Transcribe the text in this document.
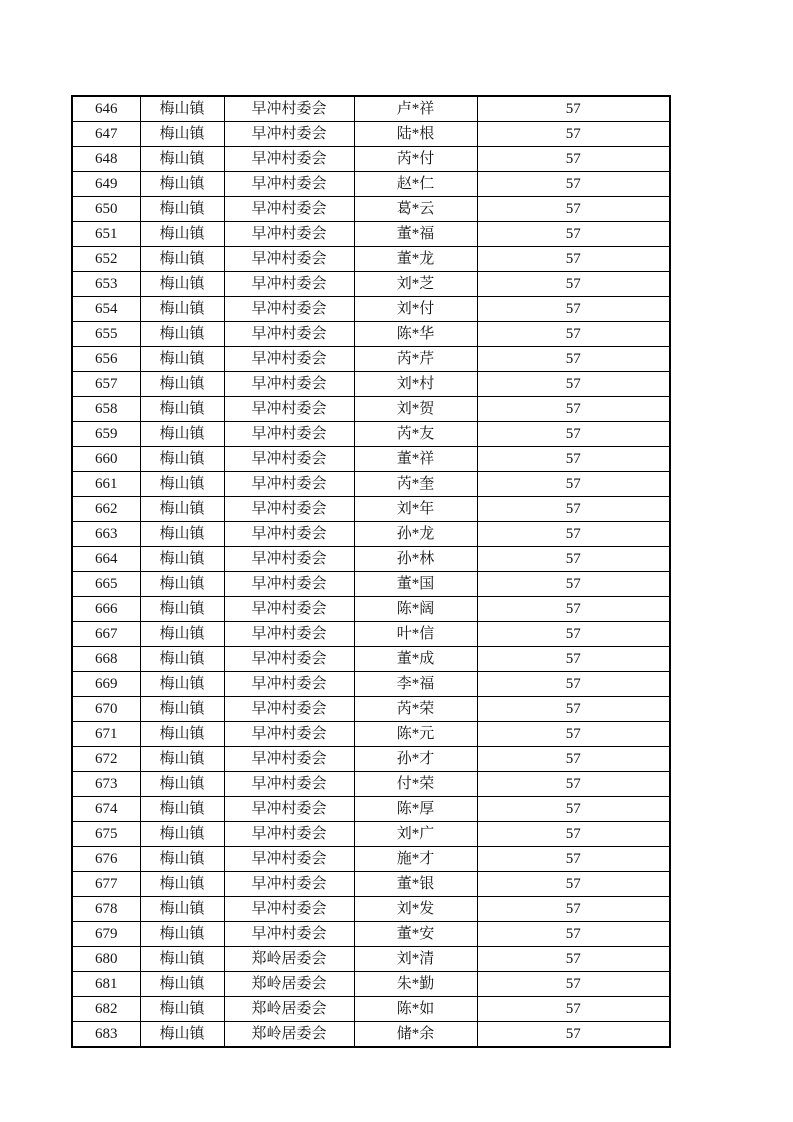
646	梅山镇	早冲村委会	卢*祥	57
647	梅山镇	早冲村委会	陆*根	57
648	梅山镇	早冲村委会	芮*付	57
649	梅山镇	早冲村委会	赵*仁	57
650	梅山镇	早冲村委会	葛*云	57
651	梅山镇	早冲村委会	董*福	57
652	梅山镇	早冲村委会	董*龙	57
653	梅山镇	早冲村委会	刘*芝	57
654	梅山镇	早冲村委会	刘*付	57
655	梅山镇	早冲村委会	陈*华	57
656	梅山镇	早冲村委会	芮*芹	57
657	梅山镇	早冲村委会	刘*村	57
658	梅山镇	早冲村委会	刘*贺	57
659	梅山镇	早冲村委会	芮*友	57
660	梅山镇	早冲村委会	董*祥	57
661	梅山镇	早冲村委会	芮*奎	57
662	梅山镇	早冲村委会	刘*年	57
663	梅山镇	早冲村委会	孙*龙	57
664	梅山镇	早冲村委会	孙*林	57
665	梅山镇	早冲村委会	董*国	57
666	梅山镇	早冲村委会	陈*阔	57
667	梅山镇	早冲村委会	叶*信	57
668	梅山镇	早冲村委会	董*成	57
669	梅山镇	早冲村委会	李*福	57
670	梅山镇	早冲村委会	芮*荣	57
671	梅山镇	早冲村委会	陈*元	57
672	梅山镇	早冲村委会	孙*才	57
673	梅山镇	早冲村委会	付*荣	57
674	梅山镇	早冲村委会	陈*厚	57
675	梅山镇	早冲村委会	刘*广	57
676	梅山镇	早冲村委会	施*才	57
677	梅山镇	早冲村委会	董*银	57
678	梅山镇	早冲村委会	刘*发	57
679	梅山镇	早冲村委会	董*安	57
680	梅山镇	郑岭居委会	刘*清	57
681	梅山镇	郑岭居委会	朱*勤	57
682	梅山镇	郑岭居委会	陈*如	57
683	梅山镇	郑岭居委会	储*余	57
